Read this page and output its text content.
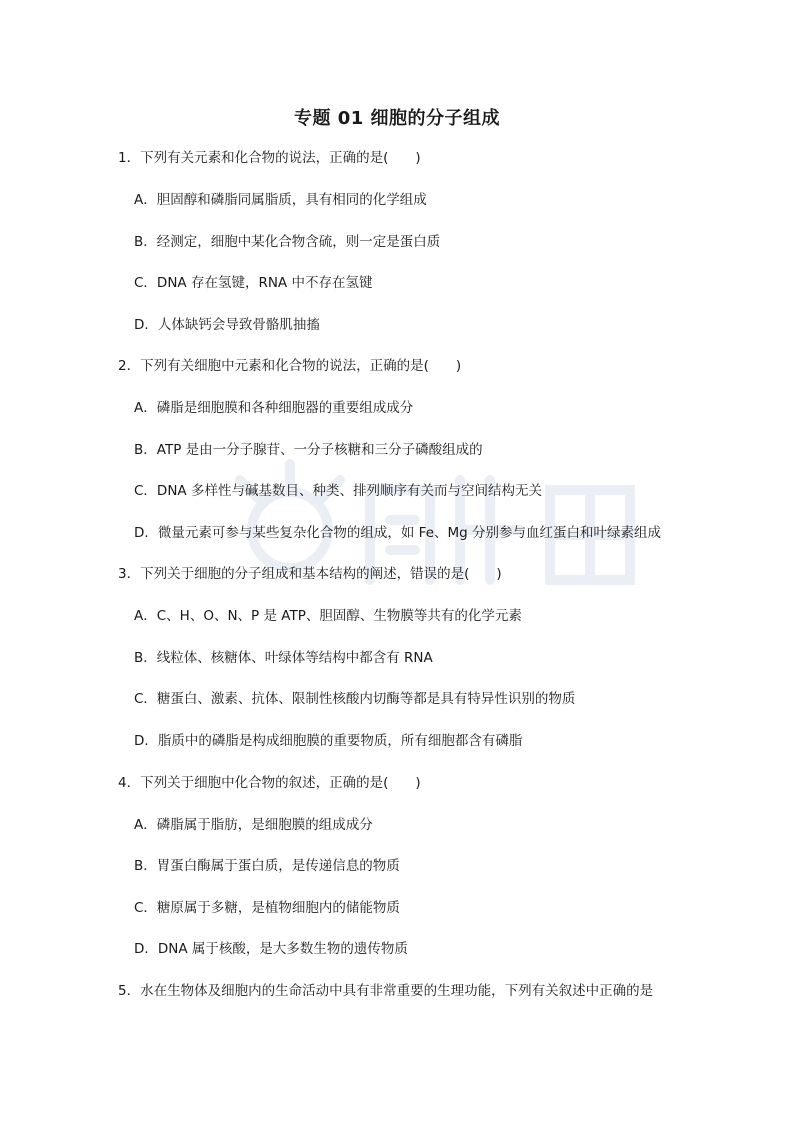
专题 01 细胞的分子组成
1．下列有关元素和化合物的说法，正确的是(　　)
A．胆固醇和磷脂同属脂质，具有相同的化学组成
B．经测定，细胞中某化合物含硫，则一定是蛋白质
C．DNA 存在氢键，RNA 中不存在氢键
D．人体缺钙会导致骨骼肌抽搐
2．下列有关细胞中元素和化合物的说法，正确的是(　　)
A．磷脂是细胞膜和各种细胞器的重要组成成分
B．ATP 是由一分子腺苷、一分子核糖和三分子磷酸组成的
C．DNA 多样性与碱基数目、种类、排列顺序有关而与空间结构无关
D．微量元素可参与某些复杂化合物的组成，如 Fe、Mg 分别参与血红蛋白和叶绿素组成
3．下列关于细胞的分子组成和基本结构的阐述，错误的是(　　)
A．C、H、O、N、P 是 ATP、胆固醇、生物膜等共有的化学元素
B．线粒体、核糖体、叶绿体等结构中都含有 RNA
C．糖蛋白、激素、抗体、限制性核酸内切酶等都是具有特异性识别的物质
D．脂质中的磷脂是构成细胞膜的重要物质，所有细胞都含有磷脂
4．下列关于细胞中化合物的叙述，正确的是(　　)
A．磷脂属于脂肪，是细胞膜的组成成分
B．胃蛋白酶属于蛋白质，是传递信息的物质
C．糖原属于多糖，是植物细胞内的储能物质
D．DNA 属于核酸，是大多数生物的遗传物质
5．水在生物体及细胞内的生命活动中具有非常重要的生理功能，下列有关叙述中正确的是
